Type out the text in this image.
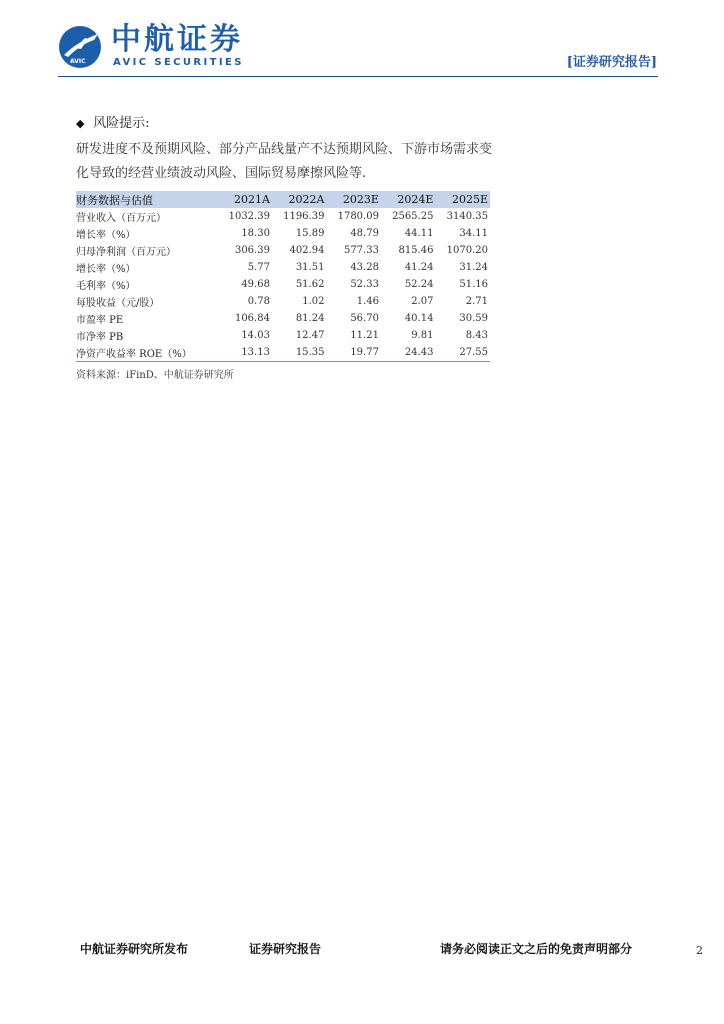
AVIC
中航证券
AVIC SECURITIES	[证券研究报告]
◆ 风险提示:
研发进度不及预期风险、部分产品线量产不达预期风险、下游市场需求变化导致的经营业绩波动风险、国际贸易摩擦风险等.
财务数据与估值	2021A	2022A	2023E	2024E	2025E
营业收入（百万元）	1032.39	1196.39	1780.09	2565.25	3140.35
增长率（%）	18.30	15.89	48.79	44.11	34.11
归母净利润（百万元）	306.39	402.94	577.33	815.46	1070.20
增长率（%）	5.77	31.51	43.28	41.24	31.24
毛利率（%）	49.68	51.62	52.33	52.24	51.16
每股收益（元/股）	0.78	1.02	1.46	2.07	2.71
市盈率 PE	106.84	81.24	56.70	40.14	30.59
市净率 PB	14.03	12.47	11.21	9.81	8.43
净资产收益率 ROE（%）	13.13	15.35	19.77	24.43	27.55
资料来源：iFinD、中航证券研究所
中航证券研究所发布	证券研究报告	请务必阅读正文之后的免责声明部分	2
